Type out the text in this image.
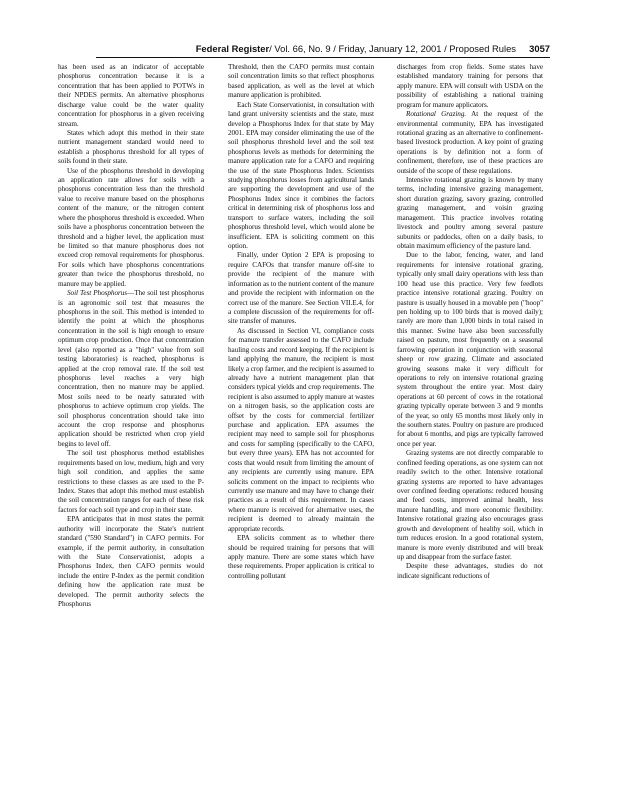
Federal Register/ Vol. 66, No. 9 / Friday, January 12, 2001 / Proposed Rules 3057

has been used as an indicator of acceptable phosphorus concentration because it is a concentration that has been applied to POTWs in their NPDES permits. An alternative phosphorus discharge value could be the water quality concentration for phosphorus in a given receiving stream.

States which adopt this method in their state nutrient management standard would need to establish a phosphorus threshold for all types of soils found in their state.

Use of the phosphorus threshold in developing an application rate allows for soils with a phosphorus concentration less than the threshold value to receive manure based on the phosphorus content of the manure, or the nitrogen content where the phosphorus threshold is exceeded. When soils have a phosphorus concentration between the threshold and a higher level, the application must be limited so that manure phosphorus does not exceed crop removal requirements for phosphorus. For soils which have phosphorus concentrations greater than twice the phosphorus threshold, no manure may be applied.

Soil Test Phosphorus—The soil test phosphorus is an agronomic soil test that measures the phosphorus in the soil. This method is intended to identify the point at which the phosphorus concentration in the soil is high enough to ensure optimum crop production. Once that concentration level (also reported as a "high" value from soil testing laboratories) is reached, phosphorus is applied at the crop removal rate. If the soil test phosphorus level reaches a very high concentration, then no manure may be applied. Most soils need to be nearly saturated with phosphorus to achieve optimum crop yields. The soil phosphorus concentration should take into account the crop response and phosphorus application should be restricted when crop yield begins to level off.

The soil test phosphorus method establishes requirements based on low, medium, high and very high soil condition, and applies the same restrictions to these classes as are used to the P-Index. States that adopt this method must establish the soil concentration ranges for each of these risk factors for each soil type and crop in their state.

EPA anticipates that in most states the permit authority will incorporate the State's nutrient standard ("590 Standard") in CAFO permits. For example, if the permit authority, in consultation with the State Conservationist, adopts a Phosphorus Index, then CAFO permits would include the entire P-Index as the permit condition defining how the application rate must be developed. The permit authority selects the Phosphorus

Threshold, then the CAFO permits must contain soil concentration limits so that reflect phosphorus based application, as well as the level at which manure application is prohibited.

Each State Conservationist, in consultation with land grant university scientists and the state, must develop a Phosphorus Index for that state by May 2001. EPA may consider eliminating the use of the soil phosphorus threshold level and the soil test phosphorus levels as methods for determining the manure application rate for a CAFO and requiring the use of the state Phosphorus Index. Scientists studying phosphorus losses from agricultural lands are supporting the development and use of the Phosphorus Index since it combines the factors critical in determining risk of phosphorus loss and transport to surface waters, including the soil phosphorus threshold level, which would alone be insufficient. EPA is soliciting comment on this option.

Finally, under Option 2 EPA is proposing to require CAFOs that transfer manure off-site to provide the recipient of the manure with information as to the nutrient content of the manure and provide the recipient with information on the correct use of the manure. See Section VII.E.4, for a complete discussion of the requirements for off-site transfer of manures.

As discussed in Section VI, compliance costs for manure transfer assessed to the CAFO include hauling costs and record keeping. If the recipient is land applying the manure, the recipient is most likely a crop farmer, and the recipient is assumed to already have a nutrient management plan that considers typical yields and crop requirements. The recipient is also assumed to apply manure at wastes on a nitrogen basis, so the application costs are offset by the costs for commercial fertilizer purchase and application. EPA assumes the recipient may need to sample soil for phosphorus and costs for sampling (specifically to the CAFO, but every three years). EPA has not accounted for costs that would result from limiting the amount of any recipients are currently using manure. EPA solicits comment on the impact to recipients who currently use manure and may have to change their practices as a result of this requirement. In cases where manure is received for alternative uses, the recipient is deemed to already maintain the appropriate records.

EPA solicits comment as to whether there should be required training for persons that will apply manure. There are some states which have these requirements. Proper application is critical to controlling pollutant

discharges from crop fields. Some states have established mandatory training for persons that apply manure. EPA will consult with USDA on the possibility of establishing a national training program for manure applicators.

Rotational Grazing. At the request of the environmental community, EPA has investigated rotational grazing as an alternative to confinement-based livestock production. A key point of grazing operations is by definition not a form of confinement, therefore, use of these practices are outside of the scope of these regulations.

Intensive rotational grazing is known by many terms, including intensive grazing management, short duration grazing, savory grazing, controlled grazing management, and voisin grazing management. This practice involves rotating livestock and poultry among several pasture subunits or paddocks, often on a daily basis, to obtain maximum efficiency of the pasture land.

Due to the labor, fencing, water, and land requirements for intensive rotational grazing, typically only small dairy operations with less than 100 head use this practice. Very few feedlots practice intensive rotational grazing. Poultry on pasture is usually housed in a movable pen ("hoop" pen holding up to 100 birds that is moved daily); rarely are more than 1,000 birds in total raised in this manner. Swine have also been successfully raised on pasture, most frequently on a seasonal farrowing operation in conjunction with seasonal sheep or row grazing. Climate and associated growing seasons make it very difficult for operations to rely on intensive rotational grazing system throughout the entire year. Most dairy operations at 60 percent of cows in the rotational grazing typically operate between 3 and 9 months of the year, so only 65 months most likely only in the southern states. Poultry on pasture are produced for about 6 months, and pigs are typically farrowed once per year.

Grazing systems are not directly comparable to confined feeding operations, as one system can not readily switch to the other. Intensive rotational grazing systems are reported to have advantages over confined feeding operations: reduced housing and feed costs, improved animal health, less manure handling, and more economic flexibility. Intensive rotational grazing also encourages grass growth and development of healthy soil, which in turn reduces erosion. In a good rotational system, manure is more evenly distributed and will break up and disappear from the surface faster.

Despite these advantages, studies do not indicate significant reductions of
